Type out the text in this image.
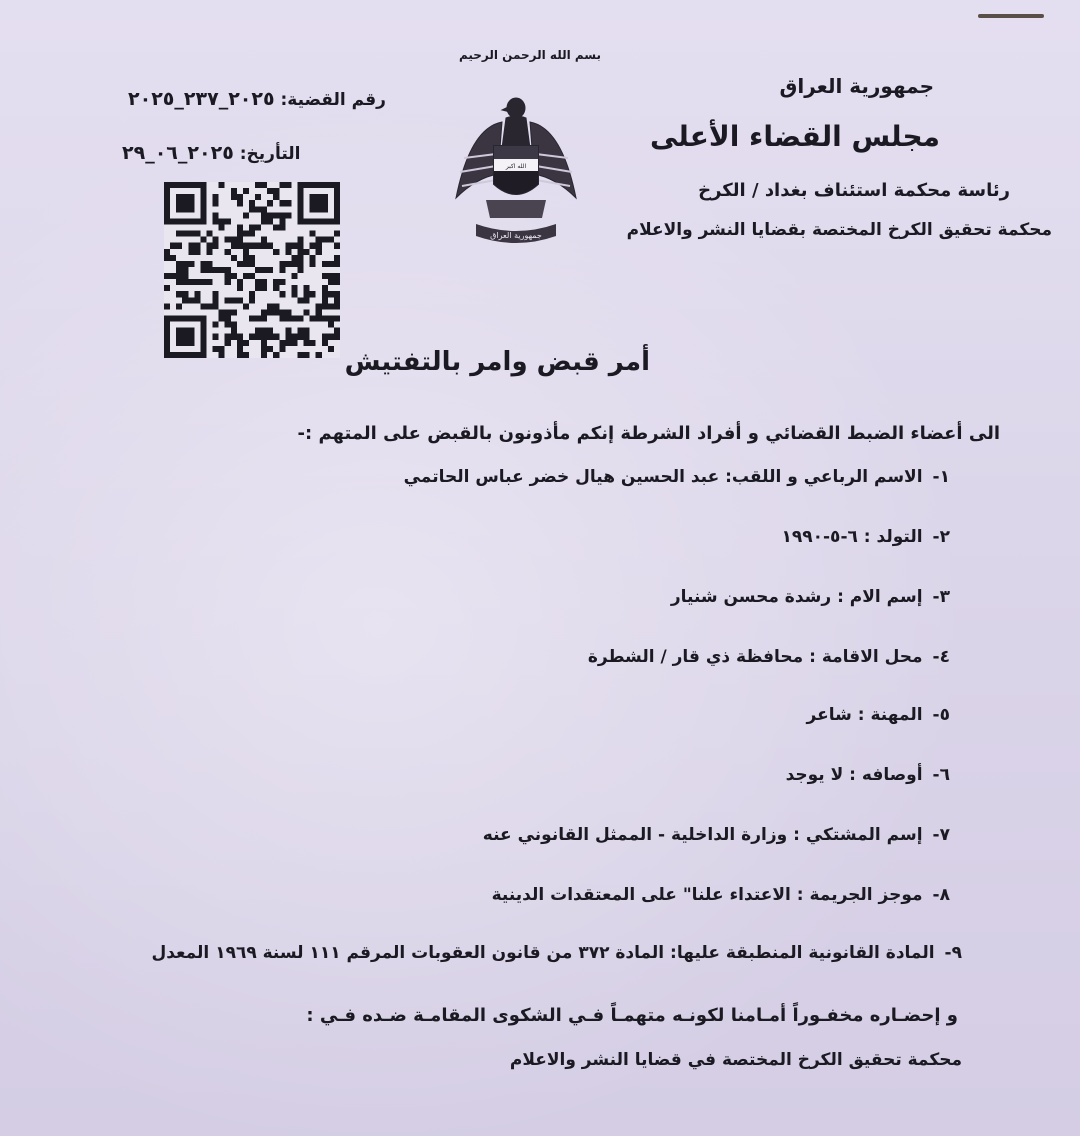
بسم الله الرحمن الرحيم
جمهورية العراق
مجلس القضاء الأعلى
رئاسة محكمة استئناف بغداد / الكرخ
محكمة تحقيق الكرخ المختصة بقضايا النشر والاعلام
رقم القضية: ٢٠٢٥_٢٣٧_٢٠٢٥
التأريخ: ٢٠٢٥_٠٦_٢٩
الله اكبر
جمهورية العراق
أمر قبض وامر بالتفتيش
الى أعضاء الضبط القضائي و أفراد الشرطة إنكم مأذونون بالقبض على المتهم :-
١-الاسم الرباعي و اللقب: عبد الحسين هيال خضر عباس الحاتمي
٢-التولد : ٦-٥-١٩٩٠
٣-إسم الام : رشدة محسن شنيار
٤-محل الاقامة : محافظة ذي قار / الشطرة
٥-المهنة : شاعر
٦-أوصافه : لا يوجد
٧-إسم المشتكي : وزارة الداخلية - الممثل القانوني عنه
٨-موجز الجريمة : الاعتداء علنا" على المعتقدات الدينية
٩-المادة القانونية المنطبقة عليها: المادة ٣٧٢ من قانون العقوبات المرقم ١١١ لسنة ١٩٦٩ المعدل
و إحضـاره مخفـوراً أمـامنا لكونـه متهمـاً فـي الشكوى المقامـة ضـده فـي :
محكمة تحقيق الكرخ المختصة في قضايا النشر والاعلام
